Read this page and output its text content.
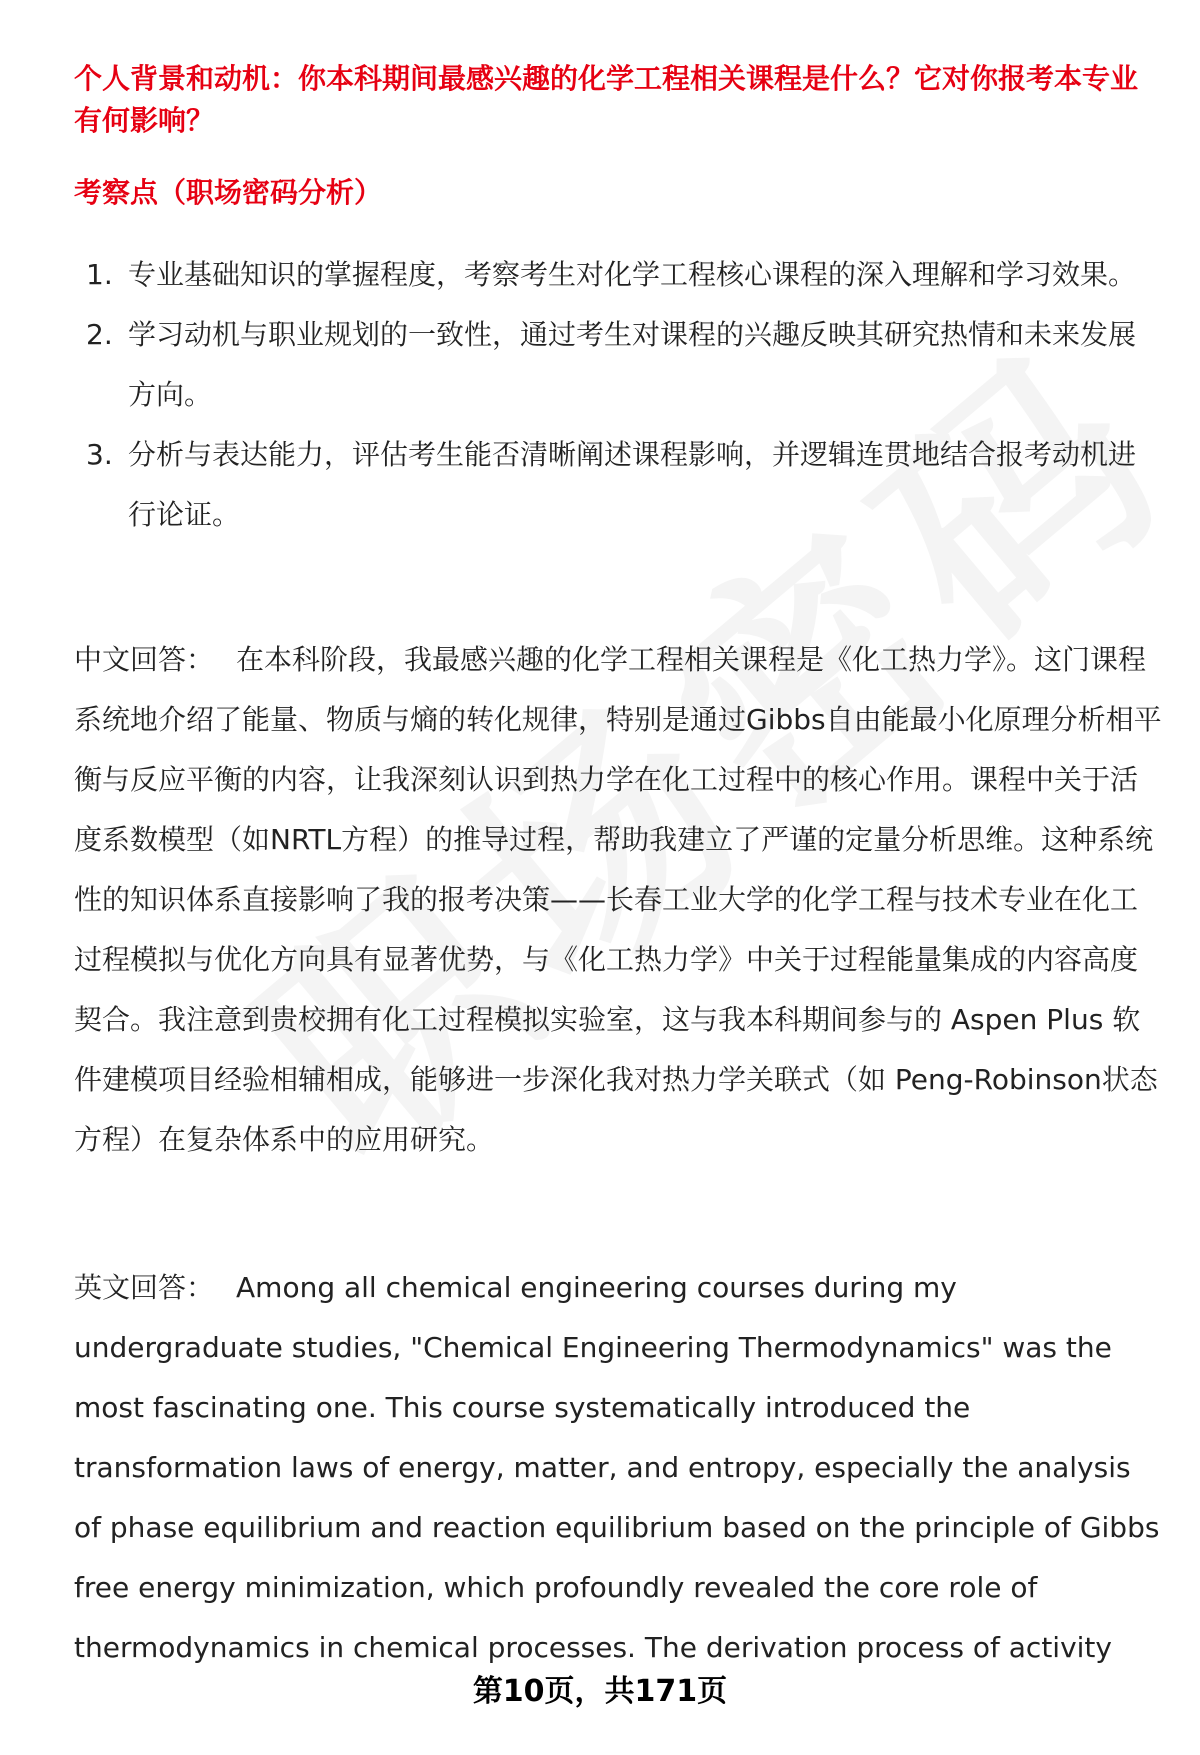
个人背景和动机：你本科期间最感兴趣的化学工程相关课程是什么？它对你报考本专业有何影响？
考察点（职场密码分析）
1. 专业基础知识的掌握程度，考察考生对化学工程核心课程的深入理解和学习效果。
2. 学习动机与职业规划的一致性，通过考生对课程的兴趣反映其研究热情和未来发展方向。
3. 分析与表达能力，评估考生能否清晰阐述课程影响，并逻辑连贯地结合报考动机进行论证。

中文回答： 在本科阶段，我最感兴趣的化学工程相关课程是《化工热力学》。这门课程系统地介绍了能量、物质与熵的转化规律，特别是通过Gibbs自由能最小化原理分析相平衡与反应平衡的内容，让我深刻认识到热力学在化工过程中的核心作用。课程中关于活度系数模型（如NRTL方程）的推导过程，帮助我建立了严谨的定量分析思维。这种系统性的知识体系直接影响了我的报考决策——长春工业大学的化学工程与技术专业在化工过程模拟与优化方向具有显著优势，与《化工热力学》中关于过程能量集成的内容高度契合。我注意到贵校拥有化工过程模拟实验室，这与我本科期间参与的 Aspen Plus 软件建模项目经验相辅相成，能够进一步深化我对热力学关联式（如 Peng-Robinson状态方程）在复杂体系中的应用研究。

英文回答： Among all chemical engineering courses during my undergraduate studies, "Chemical Engineering Thermodynamics" was the most fascinating one. This course systematically introduced the transformation laws of energy, matter, and entropy, especially the analysis of phase equilibrium and reaction equilibrium based on the principle of Gibbs free energy minimization, which profoundly revealed the core role of thermodynamics in chemical processes. The derivation process of activity

第10页，共171页
